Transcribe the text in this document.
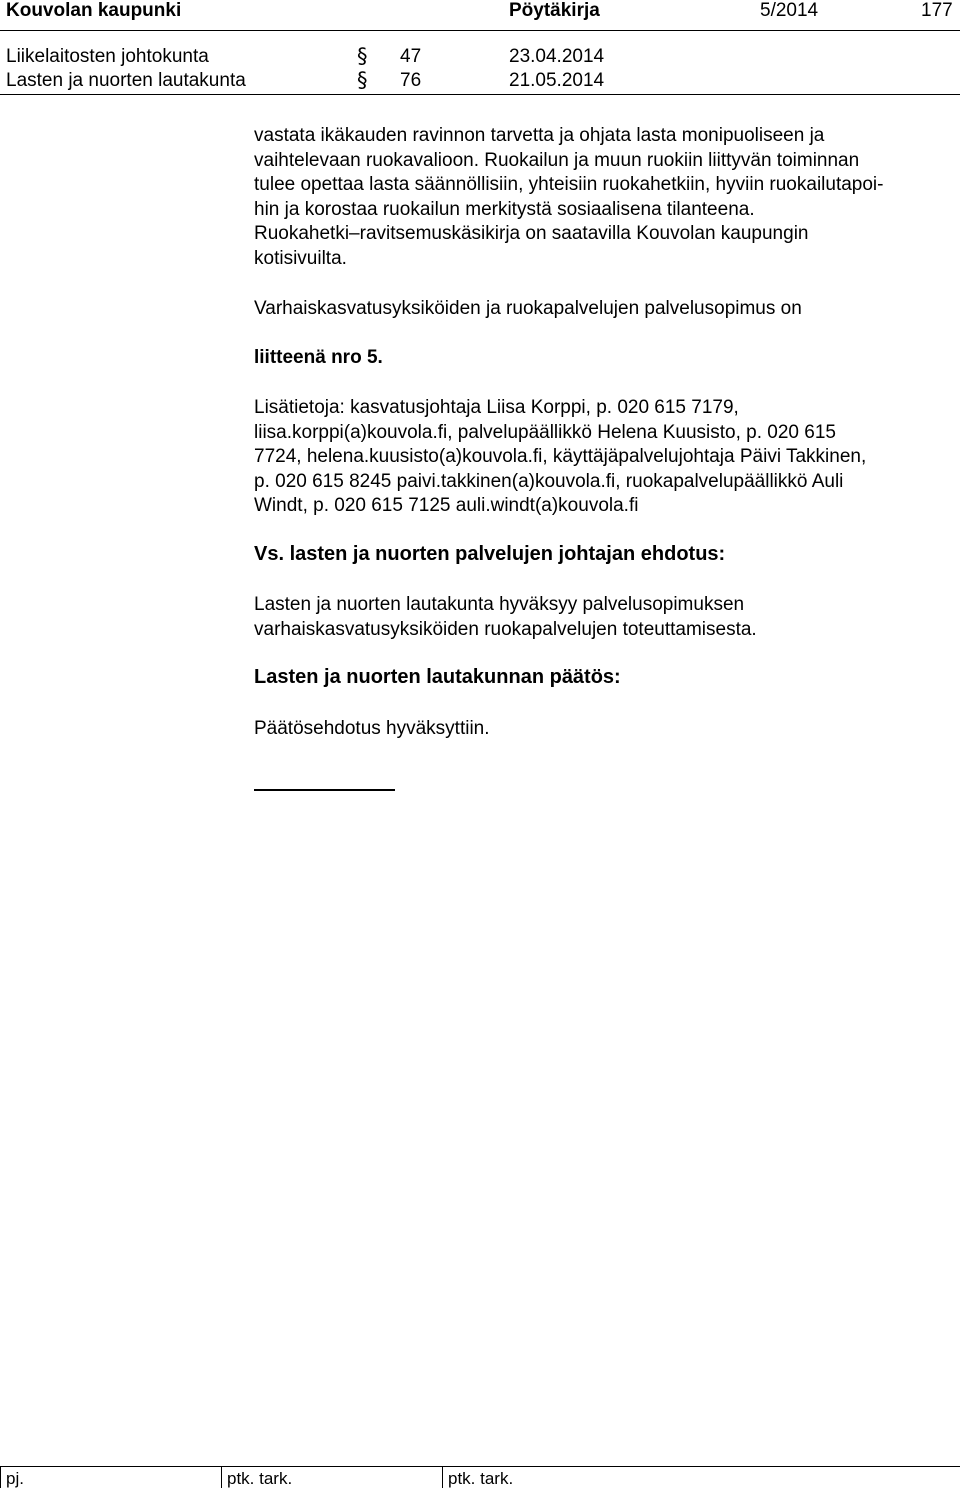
Kouvolan kaupunki	Pöytäkirja	5/2014	177
Liikelaitosten johtokunta	§ 47	23.04.2014
Lasten ja nuorten lautakunta	§ 76	21.05.2014
vastata ikäkauden ravinnon tarvetta ja ohjata lasta monipuoliseen ja
vaihtelevaan ruokavalioon. Ruokailun ja muun ruokiin liittyvän toiminnan
tulee opettaa lasta säännöllisiin, yhteisiin ruokahetkiin, hyviin ruokailutapoi-
hin ja korostaa ruokailun merkitystä sosiaalisena tilanteena.
Ruokahetki–ravitsemuskäsikirja on saatavilla Kouvolan kaupungin
kotisivuilta.
Varhaiskasvatusyksiköiden ja ruokapalvelujen palvelusopimus on
liitteenä nro 5.
Lisätietoja: kasvatusjohtaja Liisa Korppi, p. 020 615 7179,
liisa.korppi(a)kouvola.fi, palvelupäällikkö Helena Kuusisto, p. 020 615
7724, helena.kuusisto(a)kouvola.fi, käyttäjäpalvelujohtaja Päivi Takkinen,
p. 020 615 8245 paivi.takkinen(a)kouvola.fi, ruokapalvelupäällikkö Auli
Windt, p. 020 615 7125 auli.windt(a)kouvola.fi
Vs. lasten ja nuorten palvelujen johtajan ehdotus:
Lasten ja nuorten lautakunta hyväksyy palvelusopimuksen
varhaiskasvatusyksiköiden ruokapalvelujen toteuttamisesta.
Lasten ja nuorten lautakunnan päätös:
Päätösehdotus hyväksyttiin.
pj.	ptk. tark.	ptk. tark.
